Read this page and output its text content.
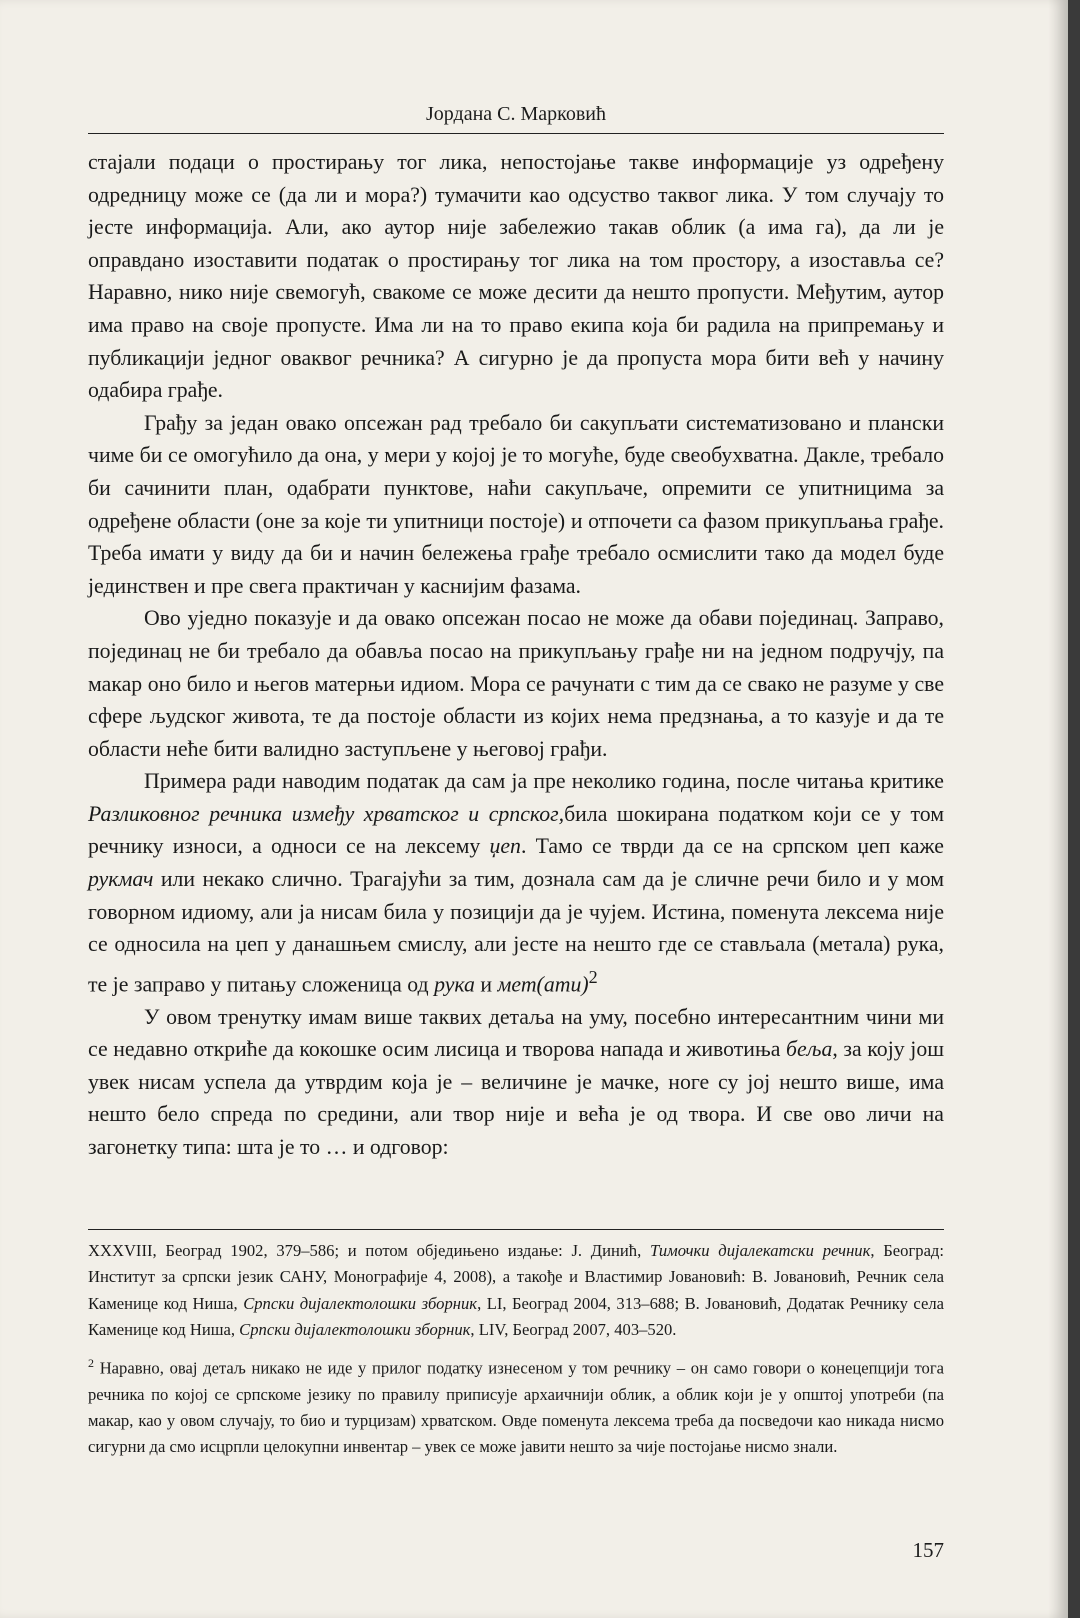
Јордана С. Марковић

стајали подаци о простирању тог лика, непостојање такве информације уз одређену одредницу може се (да ли и мора?) тумачити као одсуство таквог лика. У том случају то јесте информација. Али, ако аутор није забележио такав облик (а има га), да ли је оправдано изоставити податак о простирању тог лика на том простору, а изоставља се? Наравно, нико није свемогућ, свакоме се може десити да нешто пропусти. Међутим, аутор има право на своје пропусте. Има ли на то право екипа која би радила на припремању и публикацији једног оваквог речника? А сигурно је да пропуста мора бити већ у начину одабира грађе.

Грађу за један овако опсежан рад требало би сакупљати систематизовано и плански чиме би се омогућило да она, у мери у којој је то могуће, буде свеобухватна. Дакле, требало би сачинити план, одабрати пунктове, наћи сакупљаче, опремити се упитницима за одређене области (оне за које ти упитници постоје) и отпочети са фазом прикупљања грађе. Треба имати у виду да би и начин бележења грађе требало осмислити тако да модел буде јединствен и пре свега практичан у каснијим фазама.

Ово уједно показује и да овако опсежан посао не може да обави појединац. Заправо, појединац не би требало да обавља посао на прикупљању грађе ни на једном подручју, па макар оно било и његов матерњи идиом. Мора се рачунати с тим да се свако не разуме у све сфере људског живота, те да постоје области из којих нема предзнања, а то казује и да те области неће бити валидно заступљене у његовој грађи.

Примера ради наводим податак да сам ја пре неколико година, после читања критике Разликовног речника између хрватског и српског,била шокирана податком који се у том речнику износи, а односи се на лексему џеп. Тамо се тврди да се на српском џеп каже рукмач или некако слично. Трагајући за тим, дознала сам да је сличне речи било и у мом говорном идиому, али ја нисам била у позицији да је чујем. Истина, поменута лексема није се односила на џеп у данашњем смислу, али јесте на нешто где се стављала (метала) рука, те је заправо у питању сложеница од рука и мет(ати)$^2$

У овом тренутку имам више таквих детаља на уму, посебно интересантним чини ми се недавно откриће да кокошке осим лисица и творова напада и животиња беља, за коју још увек нисам успела да утврдим која је – величине је мачке, ноге су јој нешто више, има нешто бело спреда по средини, али твор није и већа је од твора. И све ово личи на загонетку типа: шта је то … и одговор:

XXXVIII, Београд 1902, 379–586; и потом обједињено издање: Ј. Динић, Тимочки дијалекатски речник, Београд: Институт за српски језик САНУ, Монографије 4, 2008), а такође и Властимир Јовановић: В. Јовановић, Речник села Каменице код Ниша, Српски дијалектолошки зборник, LI, Београд 2004, 313–688; В. Јовановић, Додатак Речнику села Каменице код Ниша, Српски дијалектолошки зборник, LIV, Београд 2007, 403–520.

$^2$ Наравно, овај детаљ никако не иде у прилог податку изнесеном у том речнику – он само говори о конецепцији тога речника по којој се српскоме језику по правилу приписује архаичнији облик, а облик који је у општој употреби (па макар, као у овом случају, то био и турцизам) хрватском. Овде поменута лексема треба да посведочи као никада нисмо сигурни да смо исцрпли целокупни инвентар – увек се може јавити нешто за чије постојање нисмо знали.

157
